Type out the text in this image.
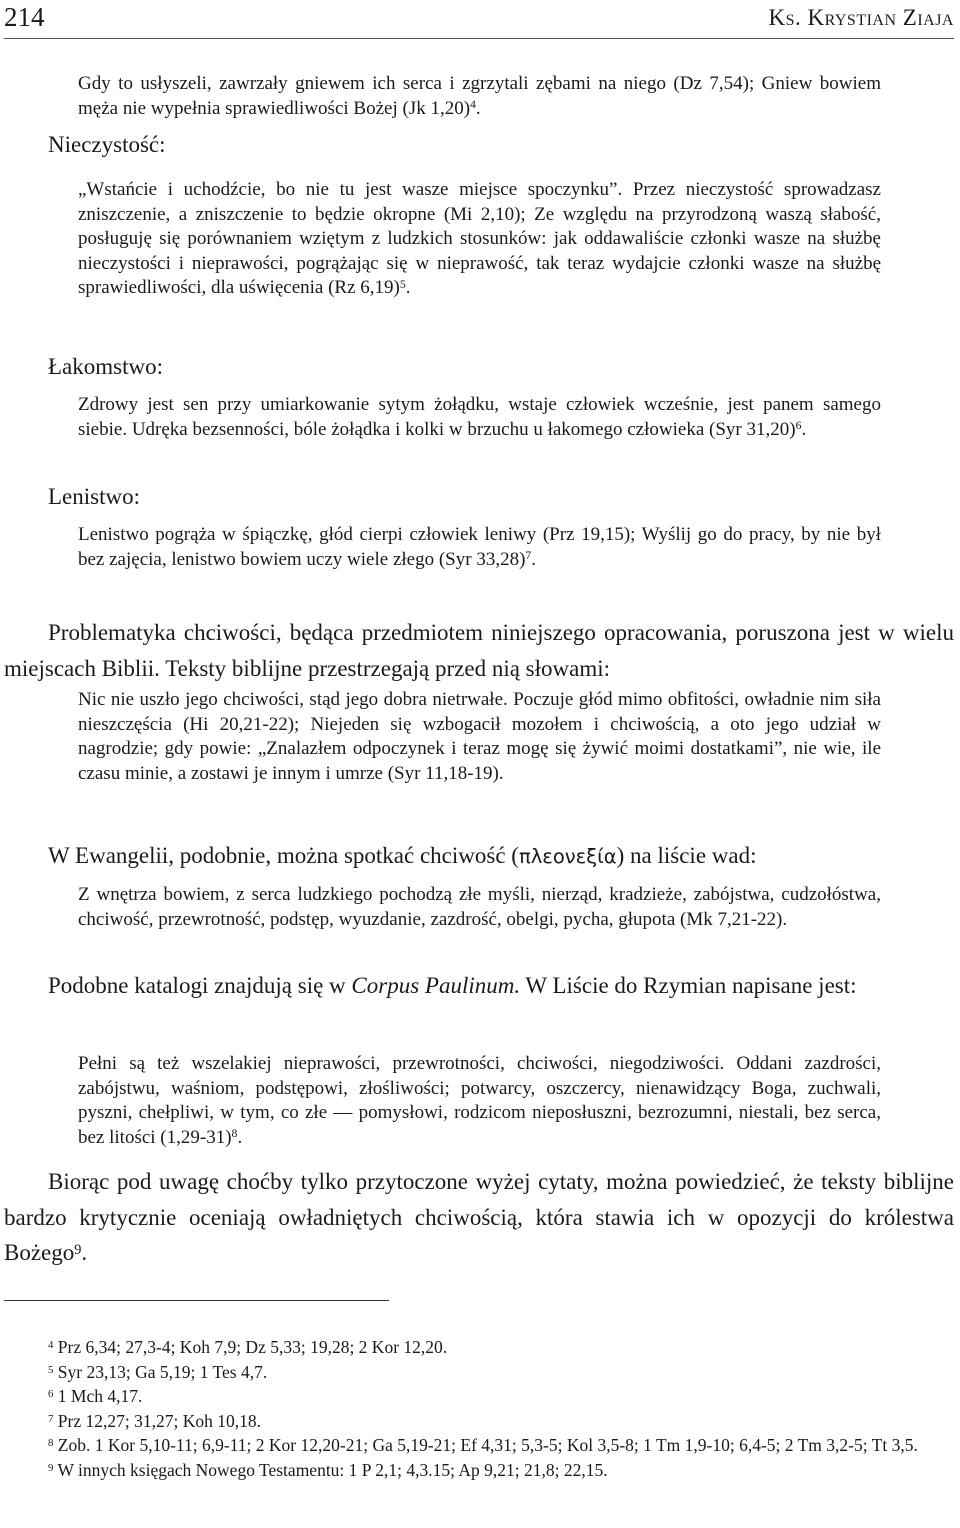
214	Ks. Krystian Ziaja
Gdy to usłyszeli, zawrzały gniewem ich serca i zgrzytali zębami na niego (Dz 7,54); Gniew bowiem męża nie wypełnia sprawiedliwości Bożej (Jk 1,20)$^4$.
Nieczystość:
„Wstańcie i uchodźcie, bo nie tu jest wasze miejsce spoczynku”. Przez nieczystość sprowadzasz zniszczenie, a zniszczenie to będzie okropne (Mi 2,10); Ze względu na przyrodzoną waszą słabość, posługuję się porównaniem wziętym z ludzkich stosunków: jak oddawaliście członki wasze na służbę nieczystości i nieprawości, pogrążając się w nieprawość, tak teraz wydajcie członki wasze na służbę sprawiedliwości, dla uświęcenia (Rz 6,19)$^5$.
Łakomstwo:
Zdrowy jest sen przy umiarkowanie sytym żołądku, wstaje człowiek wcześnie, jest panem samego siebie. Udręka bezsenności, bóle żołądka i kolki w brzuchu u łakomego człowieka (Syr 31,20)$^6$.
Lenistwo:
Lenistwo pogrąża w śpiączkę, głód cierpi człowiek leniwy (Prz 19,15); Wyślij go do pracy, by nie był bez zajęcia, lenistwo bowiem uczy wiele złego (Syr 33,28)$^7$.
Problematyka chciwości, będąca przedmiotem niniejszego opracowania, poruszona jest w wielu miejscach Biblii. Teksty biblijne przestrzegają przed nią słowami:
Nic nie uszło jego chciwości, stąd jego dobra nietrwałe. Poczuje głód mimo obfitości, owładnie nim siła nieszczęścia (Hi 20,21-22); Niejeden się wzbogacił mozołem i chciwością, a oto jego udział w nagrodzie; gdy powie: „Znalazłem odpoczynek i teraz mogę się żywić moimi dostatkami”, nie wie, ile czasu minie, a zostawi je innym i umrze (Syr 11,18-19).
W Ewangelii, podobnie, można spotkać chciwość (πλεονεξία) na liście wad:
Z wnętrza bowiem, z serca ludzkiego pochodzą złe myśli, nierząd, kradzieże, zabójstwa, cudzołóstwa, chciwość, przewrotność, podstęp, wyuzdanie, zazdrość, obelgi, pycha, głupota (Mk 7,21-22).
Podobne katalogi znajdują się w Corpus Paulinum. W Liście do Rzymian napisane jest:
Pełni są też wszelakiej nieprawości, przewrotności, chciwości, niegodziwości. Oddani zazdrości, zabójstwu, waśniom, podstępowi, złośliwości; potwarcy, oszczercy, nienawidzący Boga, zuchwali, pyszni, chełpliwi, w tym, co złe — pomysłowi, rodzicom nieposłuszni, bezrozumni, niestali, bez serca, bez litości $(1,29-31)^8$.
Biorąc pod uwagę choćby tylko przytoczone wyżej cytaty, można powiedzieć, że teksty biblijne bardzo krytycznie oceniają owładniętych chciwością, która stawia ich w opozycji do królestwa Bożego$^9$.
$^4$ Prz 6,34; 27,3-4; Koh 7,9; Dz 5,33; 19,28; 2 Kor 12,20.
$^5$ Syr 23,13; Ga 5,19; 1 Tes 4,7.
$^6$ 1 Mch 4,17.
$^7$ Prz 12,27; 31,27; Koh 10,18.
$^8$ Zob. 1 Kor 5,10-11; 6,9-11; 2 Kor 12,20-21; Ga 5,19-21; Ef 4,31; 5,3-5; Kol 3,5-8; 1 Tm 1,9-10; 6,4-5; 2 Tm 3,2-5; Tt 3,5.
$^9$ W innych księgach Nowego Testamentu: 1 P 2,1; 4,3.15; Ap 9,21; 21,8; 22,15.
